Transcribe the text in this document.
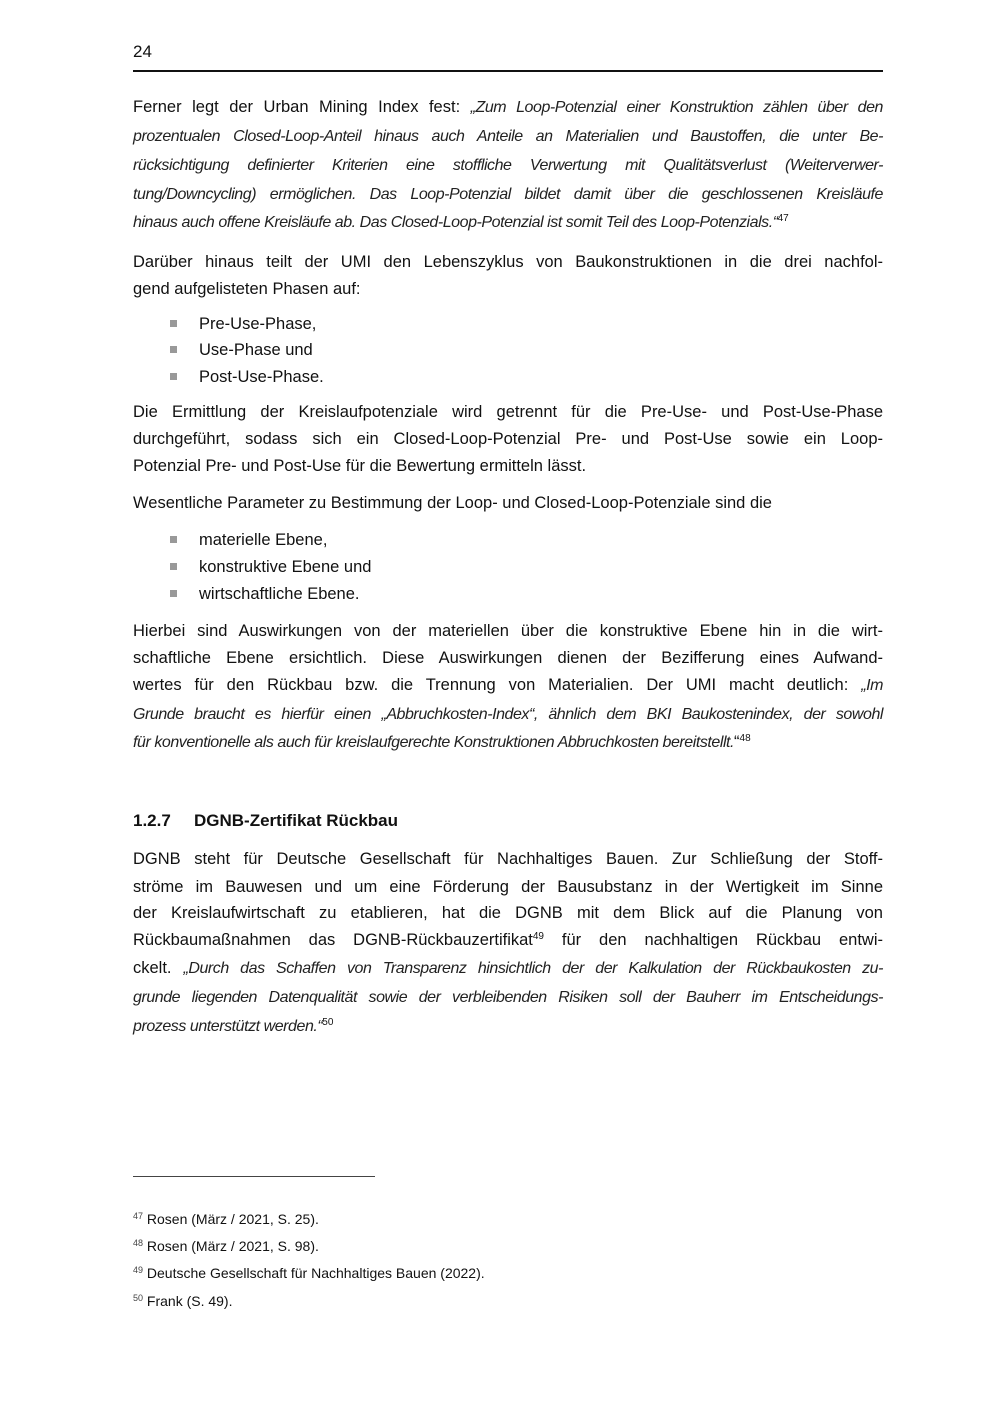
24
Ferner legt der Urban Mining Index fest: „Zum Loop-Potenzial einer Konstruktion zählen über den
prozentualen Closed-Loop-Anteil hinaus auch Anteile an Materialien und Baustoffen, die unter Be-
rücksichtigung definierter Kriterien eine stoffliche Verwertung mit Qualitätsverlust (Weiterverwer-
tung/Downcycling) ermöglichen. Das Loop-Potenzial bildet damit über die geschlossenen Kreisläufe
hinaus auch offene Kreisläufe ab. Das Closed-Loop-Potenzial ist somit Teil des Loop-Potenzials.“$^{47}$
Darüber hinaus teilt der UMI den Lebenszyklus von Baukonstruktionen in die drei nachfol-
gend aufgelisteten Phasen auf:
Pre-Use-Phase,
Use-Phase und
Post-Use-Phase.
Die Ermittlung der Kreislaufpotenziale wird getrennt für die Pre-Use- und Post-Use-Phase
durchgeführt, sodass sich ein Closed-Loop-Potenzial Pre- und Post-Use sowie ein Loop-
Potenzial Pre- und Post-Use für die Bewertung ermitteln lässt.
Wesentliche Parameter zu Bestimmung der Loop- und Closed-Loop-Potenziale sind die
materielle Ebene,
konstruktive Ebene und
wirtschaftliche Ebene.
Hierbei sind Auswirkungen von der materiellen über die konstruktive Ebene hin in die wirt-
schaftliche Ebene ersichtlich. Diese Auswirkungen dienen der Bezifferung eines Aufwand-
wertes für den Rückbau bzw. die Trennung von Materialien. Der UMI macht deutlich: „Im
Grunde braucht es hierfür einen „Abbruchkosten-Index“, ähnlich dem BKI Baukostenindex, der sowohl
für konventionelle als auch für kreislaufgerechte Konstruktionen Abbruchkosten bereitstellt.“$^{48}$
DGNB steht für Deutsche Gesellschaft für Nachhaltiges Bauen. Zur Schließung der Stoff-
ströme im Bauwesen und um eine Förderung der Bausubstanz in der Wertigkeit im Sinne
der Kreislaufwirtschaft zu etablieren, hat die DGNB mit dem Blick auf die Planung von
Rückbaumaßnahmen das DGNB-Rückbauzertifikat$^{49}$ für den nachhaltigen Rückbau entwi-
ckelt. „Durch das Schaffen von Transparenz hinsichtlich der der Kalkulation der Rückbaukosten zu-
grunde liegenden Datenqualität sowie der verbleibenden Risiken soll der Bauherr im Entscheidungs-
prozess unterstützt werden.“$^{50}$
1.2.7 DGNB-Zertifikat Rückbau
$^{47}$ Rosen (März / 2021, S. 25).
$^{48}$ Rosen (März / 2021, S. 98).
$^{49}$ Deutsche Gesellschaft für Nachhaltiges Bauen (2022).
$^{50}$ Frank (S. 49).
